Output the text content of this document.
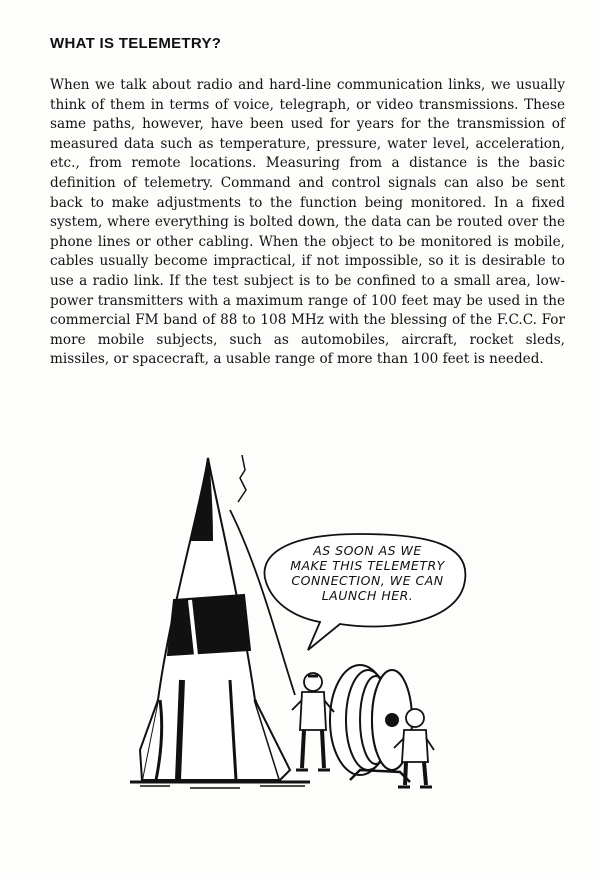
WHAT IS TELEMETRY?

When we talk about radio and hard-line communication links, we usually think of them in terms of voice, telegraph, or video transmissions. These same paths, however, have been used for years for the transmission of measured data such as temperature, pressure, water level, acceleration, etc., from remote locations. Measuring from a distance is the basic definition of telemetry. Command and control signals can also be sent back to make adjustments to the function being monitored. In a fixed system, where everything is bolted down, the data can be routed over the phone lines or other cabling. When the object to be monitored is mobile, cables usually become impractical, if not impossible, so it is desirable to use a radio link. If the test subject is to be confined to a small area, low-power transmitters with a maximum range of 100 feet may be used in the commercial FM band of 88 to 108 MHz with the blessing of the F.C.C. For more mobile subjects, such as automobiles, aircraft, rocket sleds, missiles, or spacecraft, a usable range of more than 100 feet is needed.

AS SOON AS WE
MAKE THIS TELEMETRY
CONNECTION, WE CAN
LAUNCH HER.
